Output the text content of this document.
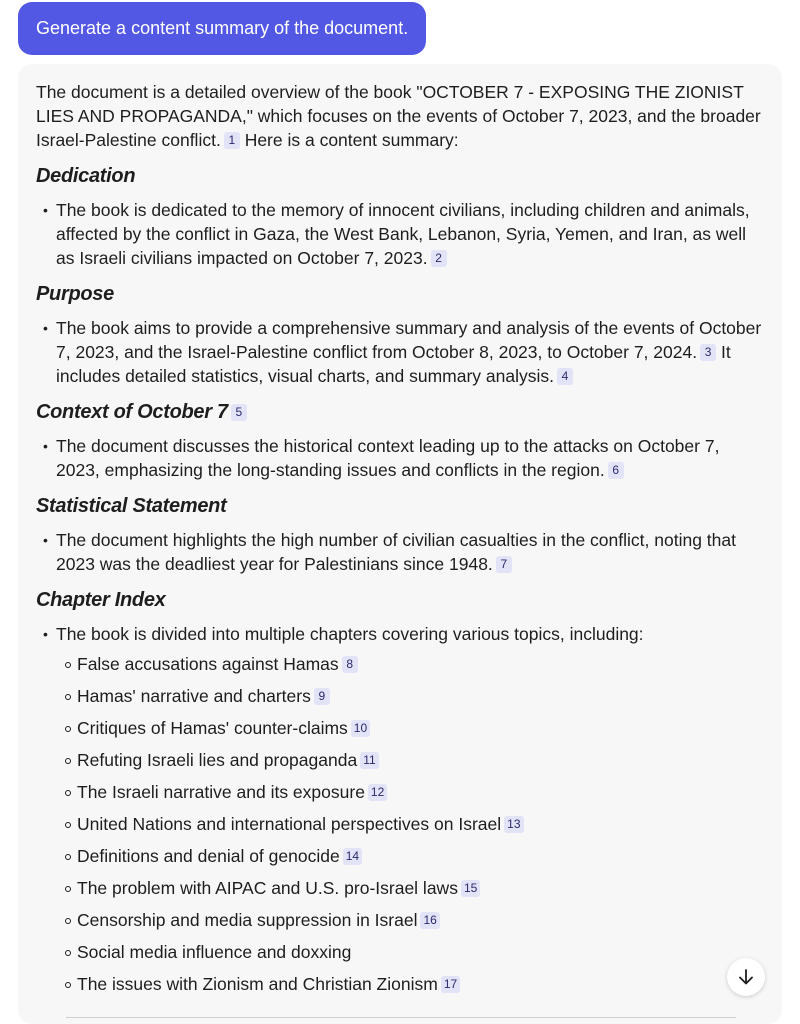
Generate a content summary of the document.

The document is a detailed overview of the book "OCTOBER 7 - EXPOSING THE ZIONIST LIES AND PROPAGANDA," which focuses on the events of October 7, 2023, and the broader Israel-Palestine conflict. 1 Here is a content summary:

Dedication
• The book is dedicated to the memory of innocent civilians, including children and animals, affected by the conflict in Gaza, the West Bank, Lebanon, Syria, Yemen, and Iran, as well as Israeli civilians impacted on October 7, 2023. 2
Purpose
• The book aims to provide a comprehensive summary and analysis of the events of October 7, 2023, and the Israel-Palestine conflict from October 8, 2023, to October 7, 2024. 3 It includes detailed statistics, visual charts, and summary analysis. 4
Context of October 7 5
• The document discusses the historical context leading up to the attacks on October 7, 2023, emphasizing the long-standing issues and conflicts in the region. 6
Statistical Statement
• The document highlights the high number of civilian casualties in the conflict, noting that 2023 was the deadliest year for Palestinians since 1948. 7
Chapter Index
• The book is divided into multiple chapters covering various topics, including:
False accusations against Hamas 8
Hamas' narrative and charters 9
Critiques of Hamas' counter-claims 10
Refuting Israeli lies and propaganda 11
The Israeli narrative and its exposure 12
United Nations and international perspectives on Israel 13
Definitions and denial of genocide 14
The problem with AIPAC and U.S. pro-Israel laws 15
Censorship and media suppression in Israel 16
Social media influence and doxxing
The issues with Zionism and Christian Zionism 17
